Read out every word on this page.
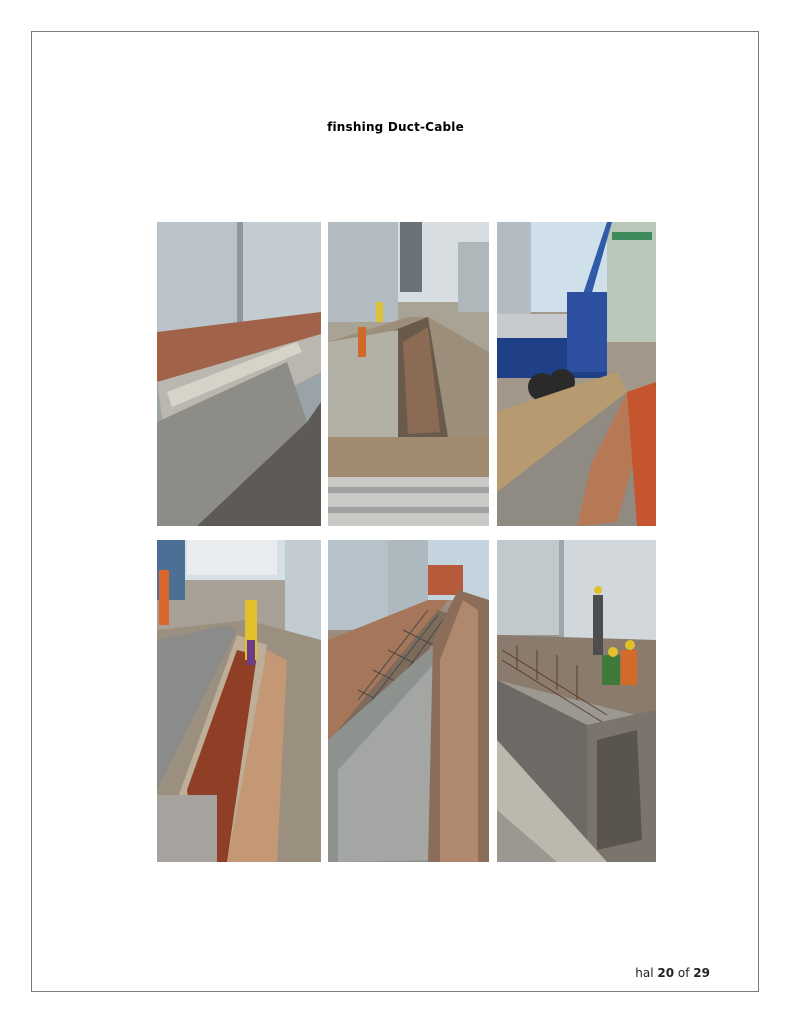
finshing Duct-Cable
hal 20 of 29
